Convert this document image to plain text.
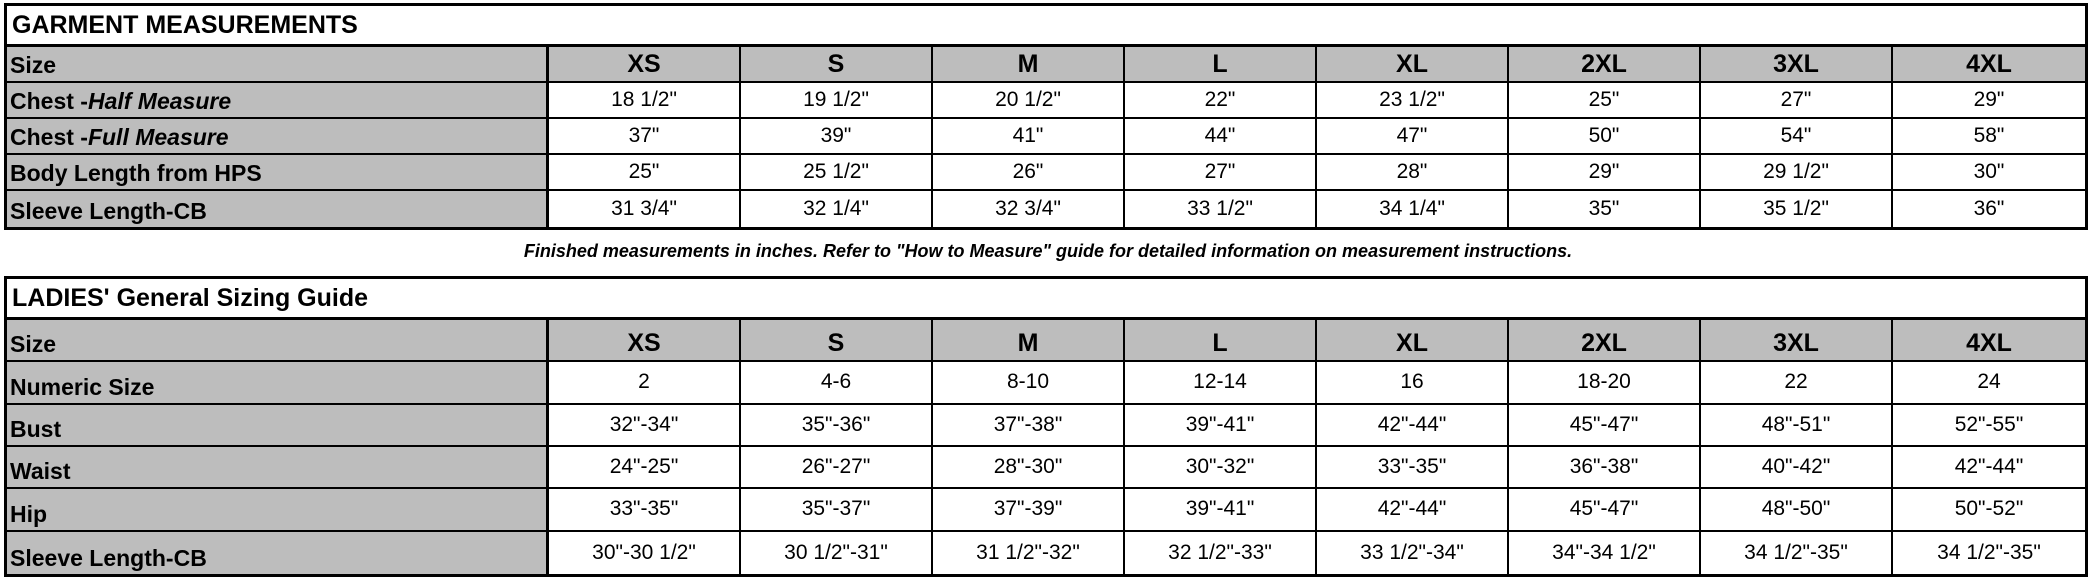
GARMENT MEASUREMENTS
Size	XS	S	M	L	XL	2XL	3XL	4XL
Chest - Half Measure	18 1/2"	19 1/2"	20 1/2"	22"	23 1/2"	25"	27"	29"
Chest - Full Measure	37"	39"	41"	44"	47"	50"	54"	58"
Body Length from HPS	25"	25 1/2"	26"	27"	28"	29"	29 1/2"	30"
Sleeve Length-CB	31 3/4"	32 1/4"	32 3/4"	33 1/2"	34 1/4"	35"	35 1/2"	36"
Finished measurements in inches. Refer to "How to Measure" guide for detailed information on measurement instructions.
LADIES' General Sizing Guide
Size	XS	S	M	L	XL	2XL	3XL	4XL
Numeric Size	2	4-6	8-10	12-14	16	18-20	22	24
Bust	32"-34"	35"-36"	37"-38"	39"-41"	42"-44"	45"-47"	48"-51"	52"-55"
Waist	24"-25"	26"-27"	28"-30"	30"-32"	33"-35"	36"-38"	40"-42"	42"-44"
Hip	33"-35"	35"-37"	37"-39"	39"-41"	42"-44"	45"-47"	48"-50"	50"-52"
Sleeve Length-CB	30"-30 1/2"	30 1/2"-31"	31 1/2"-32"	32 1/2"-33"	33 1/2"-34"	34"-34 1/2"	34 1/2"-35"	34 1/2"-35"
